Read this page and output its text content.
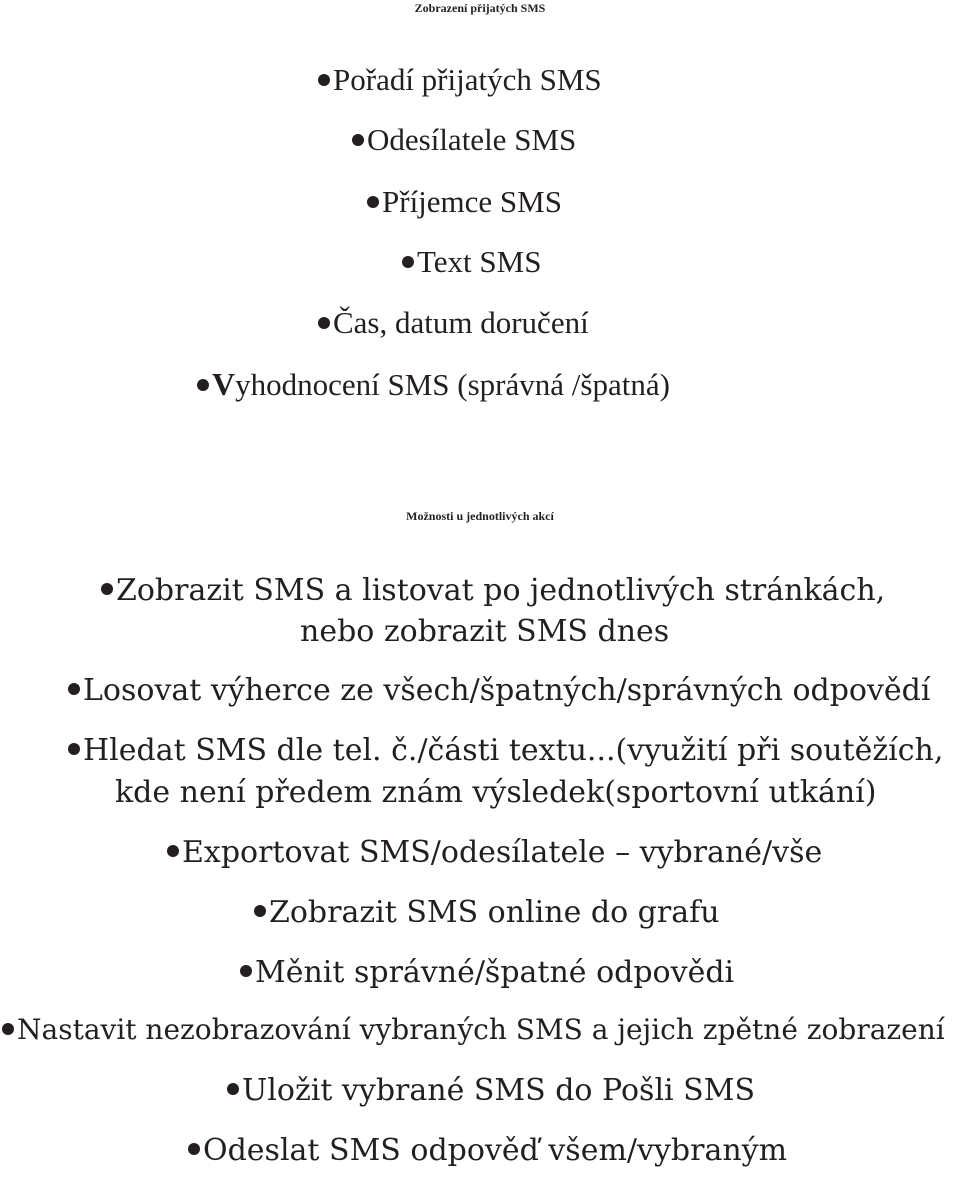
Zobrazení přijatých SMS
Pořadí přijatých SMS
Odesílatele SMS
Příjemce SMS
Text SMS
Čas, datum doručení
Vyhodnocení SMS (správná /špatná)
Možnosti u jednotlivých akcí
Zobrazit SMS a listovat po jednotlivých stránkách,
nebo zobrazit SMS dnes
Losovat výherce ze všech/špatných/správných odpovědí
Hledat SMS dle tel. č./části textu...(využití při soutěžích,
kde není předem znám výsledek(sportovní utkání)
Exportovat SMS/odesílatele – vybrané/vše
Zobrazit SMS online do grafu
Měnit správné/špatné odpovědi
Nastavit nezobrazování vybraných SMS a jejich zpětné zobrazení
Uložit vybrané SMS do Pošli SMS
Odeslat SMS odpověď všem/vybraným
